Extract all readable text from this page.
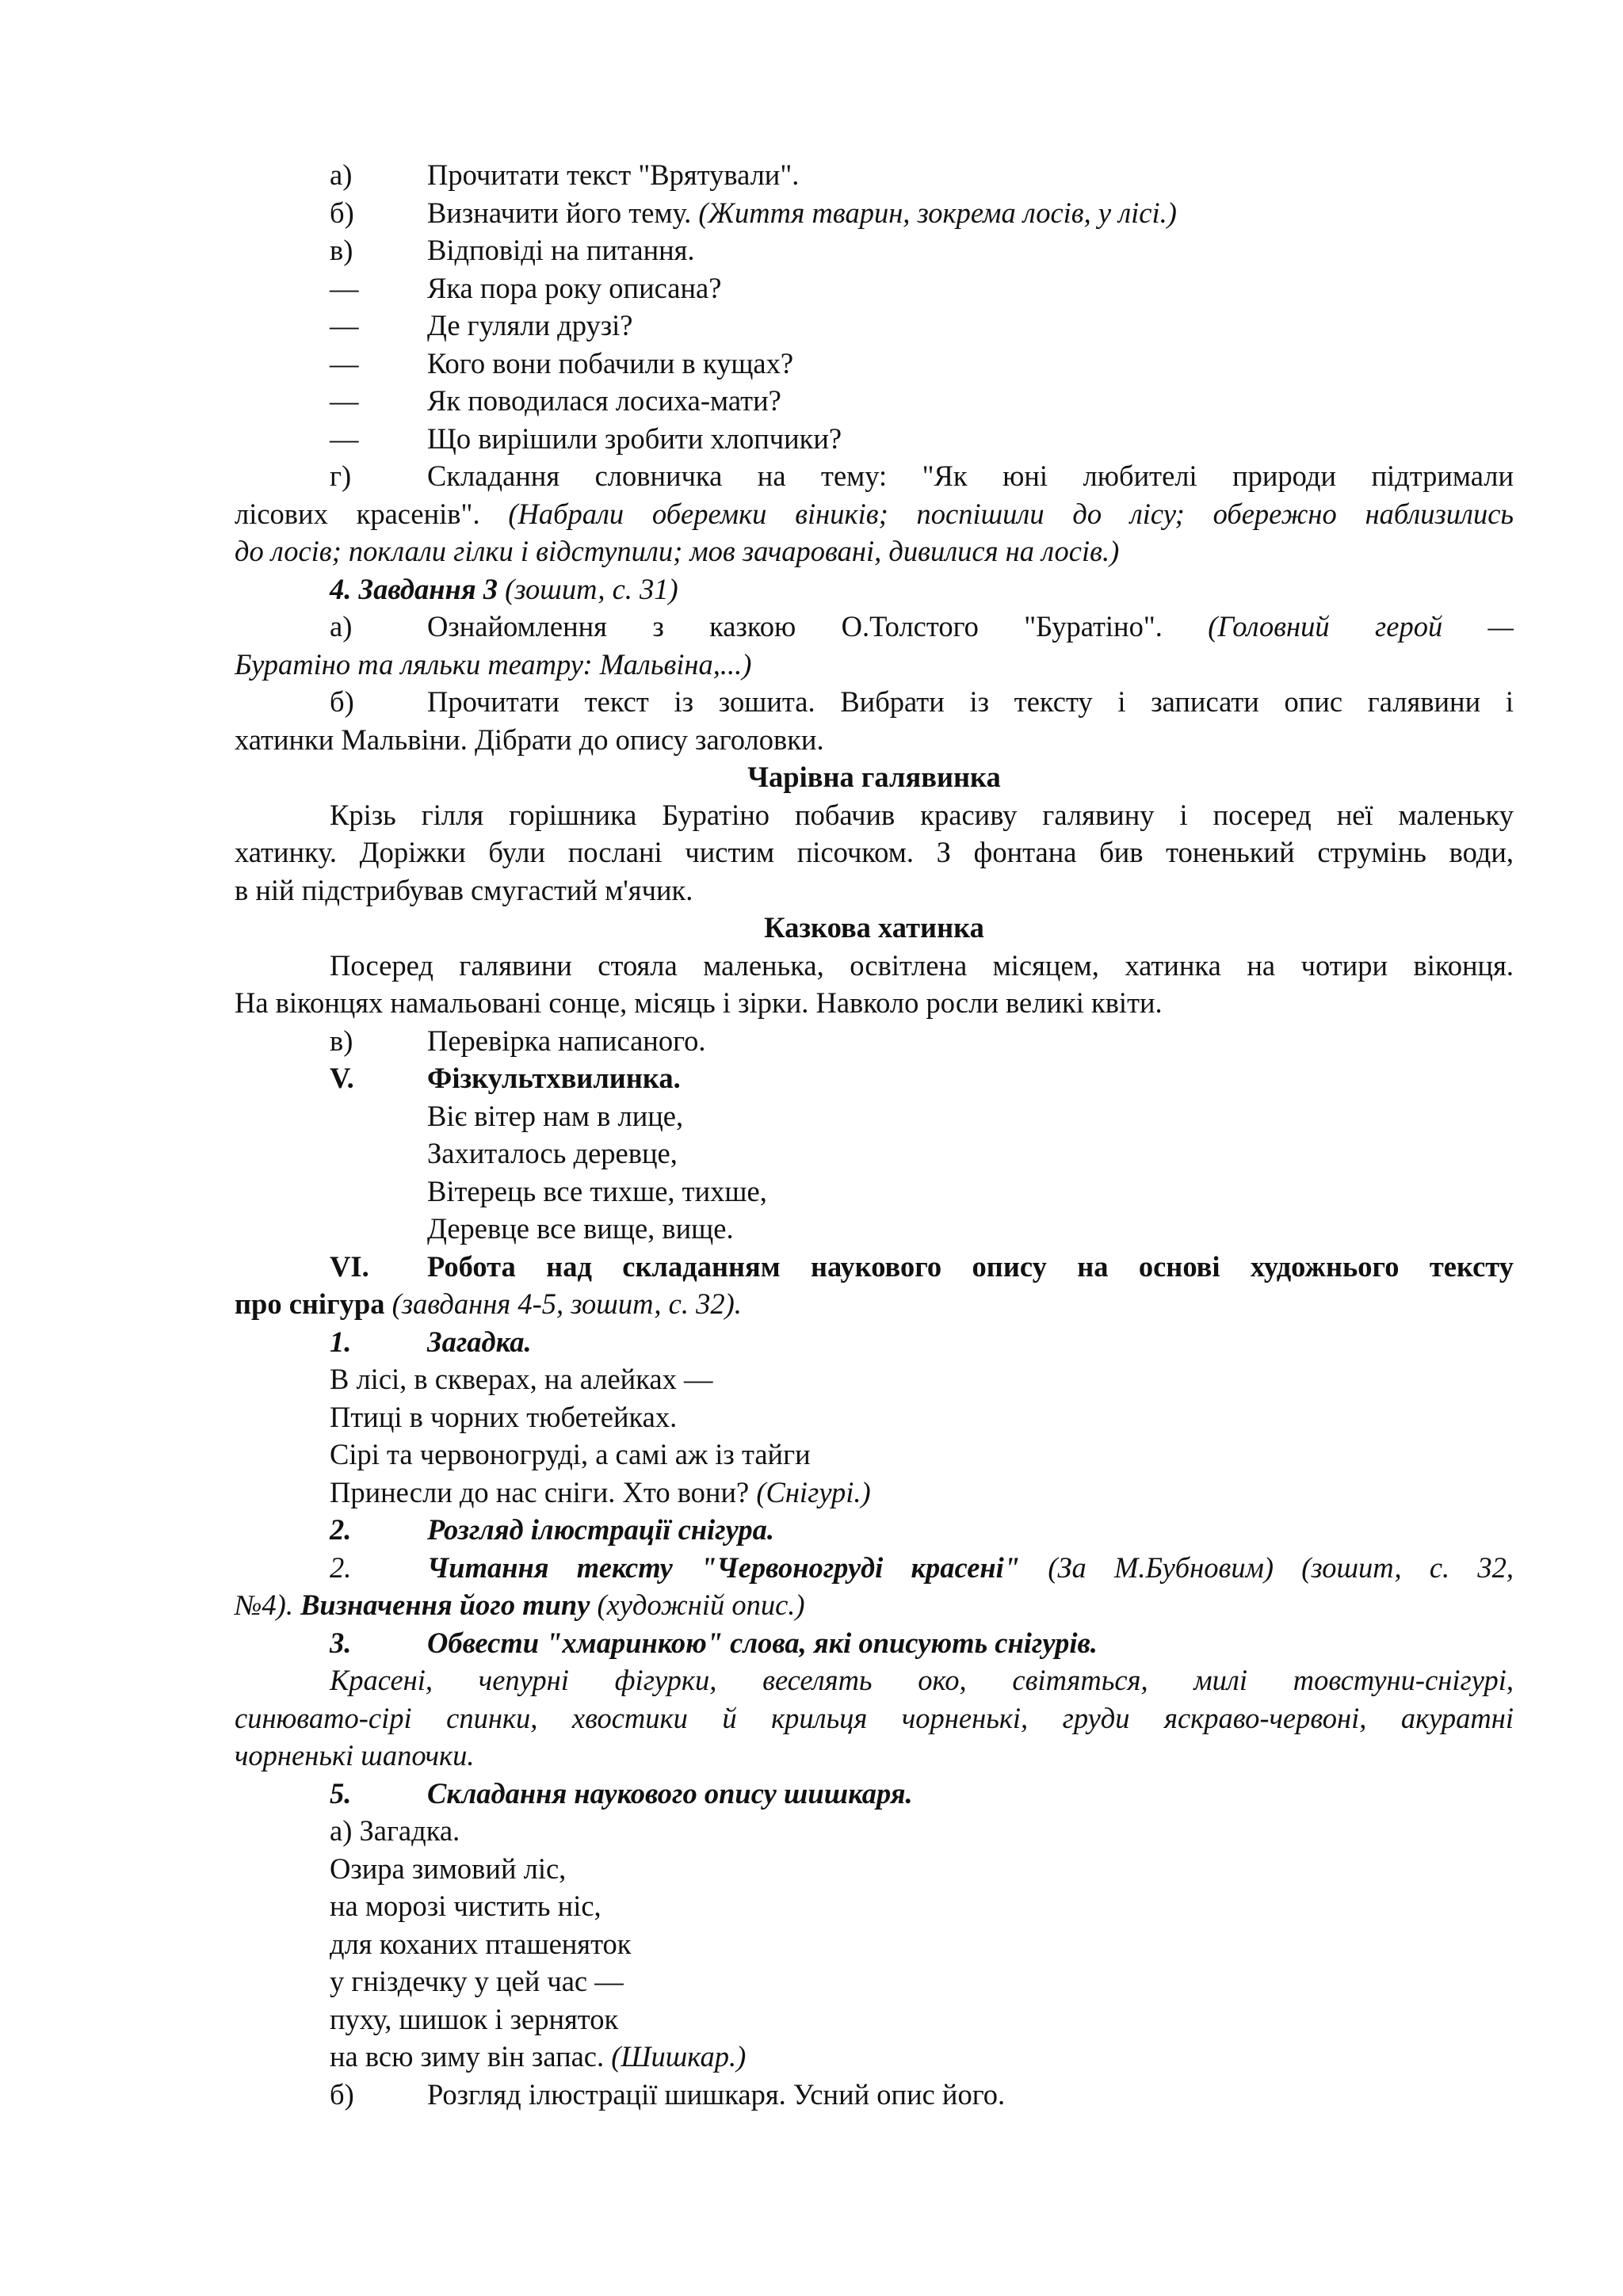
а)	Прочитати текст "Врятували".
б)	Визначити його тему. (Життя тварин, зокрема лосів, у лісі.)
в)	Відповіді на питання.
—	Яка пора року описана?
—	Де гуляли друзі?
—	Кого вони побачили в кущах?
—	Як поводилася лосиха-мати?
—	Що вирішили зробити хлопчики?
г)	Складання словничка на тему: "Як юні любителі природи підтримали
лісових красенів". (Набрали оберемки віників; поспішили до лісу; обережно наблизились
до лосів; поклали гілки і відступили; мов зачаровані, дивилися на лосів.)
4. Завдання 3 (зошит, с. 31)
а)	Ознайомлення з казкою О.Толстого "Буратіно". (Головний герой —
Буратіно та ляльки театру: Мальвіна,...)
б)	Прочитати текст із зошита. Вибрати із тексту і записати опис галявини і
хатинки Мальвіни. Дібрати до опису заголовки.
Чарівна галявинка
Крізь гілля горішника Буратіно побачив красиву галявину і посеред неї маленьку
хатинку. Доріжки були послані чистим пісочком. З фонтана бив тоненький струмінь води,
в ній підстрибував смугастий м'ячик.
Казкова хатинка
Посеред галявини стояла маленька, освітлена місяцем, хатинка на чотири віконця.
На віконцях намальовані сонце, місяць і зірки. Навколо росли великі квіти.
в)	Перевірка написаного.
V.	Фізкультхвилинка.
Віє вітер нам в лице,
Захиталось деревце,
Вітерець все тихше, тихше,
Деревце все вище, вище.
VI.	Робота над складанням наукового опису на основі художнього тексту
про снігура (завдання 4-5, зошит, с. 32).
1.	Загадка.
В лісі, в скверах, на алейках —
Птиці в чорних тюбетейках.
Сірі та червоногруді, а самі аж із тайги
Принесли до нас сніги. Хто вони? (Снігурі.)
2.	Розгляд ілюстрації снігура.
2.	Читання тексту "Червоногруді красені" (За М.Бубновим) (зошит, с. 32,
№4). Визначення його типу (художній опис.)
3.	Обвести "хмаринкою" слова, які описують снігурів.
Красені, чепурні фігурки, веселять око, світяться, милі товстуни-снігурі,
синювато-сірі спинки, хвостики й крильця чорненькі, груди яскраво-червоні, акуратні
чорненькі шапочки.
5.	Складання наукового опису шишкаря.
а) Загадка.
Озира зимовий ліс,
на морозі чистить ніс,
для коханих пташеняток
у гніздечку у цей час —
пуху, шишок і зерняток
на всю зиму він запас. (Шишкар.)
б)	Розгляд ілюстрації шишкаря. Усний опис його.
